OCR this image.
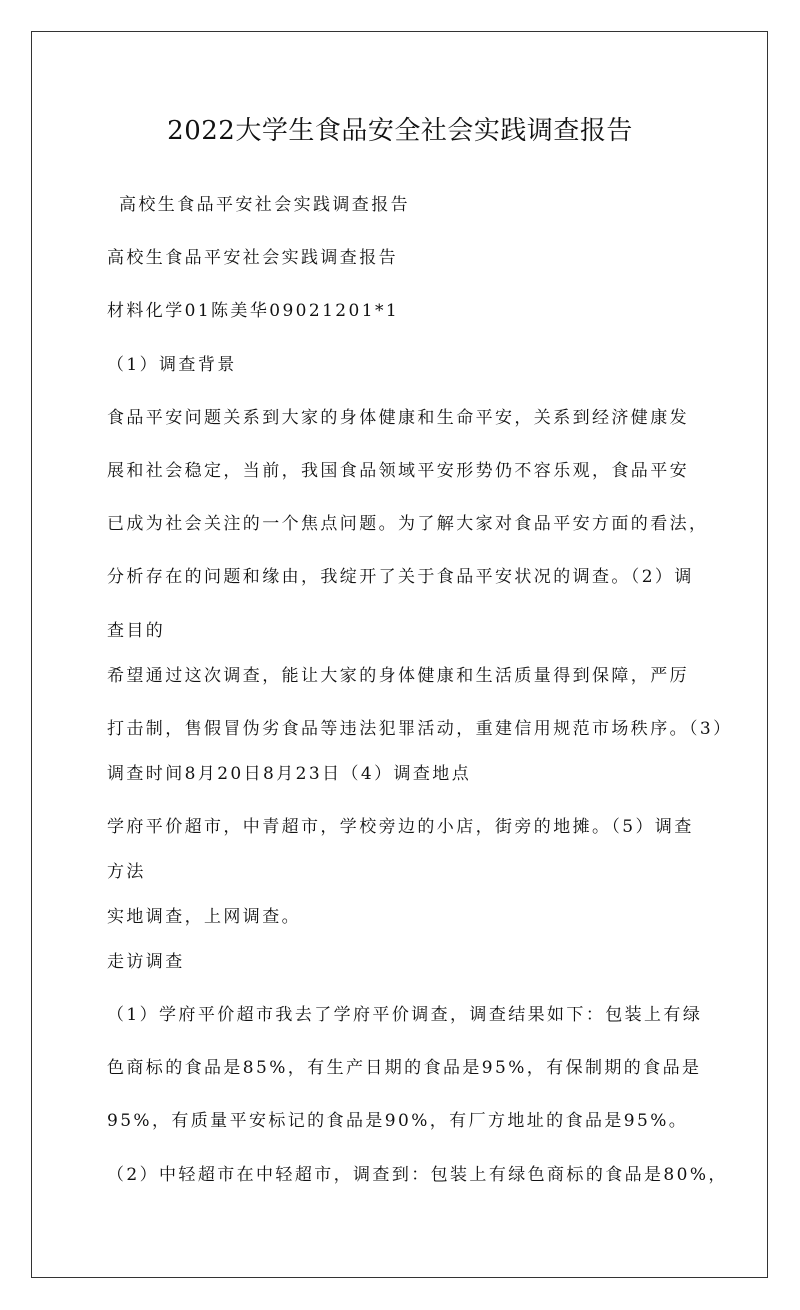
2022大学生食品安全社会实践调查报告

高校生食品平安社会实践调查报告

高校生食品平安社会实践调查报告

材料化学01陈美华09021201*1

（1）调查背景

食品平安问题关系到大家的身体健康和生命平安，关系到经济健康发

展和社会稳定，当前，我国食品领域平安形势仍不容乐观，食品平安

已成为社会关注的一个焦点问题。为了解大家对食品平安方面的看法，

分析存在的问题和缘由，我绽开了关于食品平安状况的调查。（2）调

查目的

希望通过这次调查，能让大家的身体健康和生活质量得到保障，严厉

打击制，售假冒伪劣食品等违法犯罪活动，重建信用规范市场秩序。（3）

调查时间8月20日8月23日（4）调查地点

学府平价超市，中青超市，学校旁边的小店，街旁的地摊。（5）调查

方法

实地调查，上网调查。

走访调查

（1）学府平价超市我去了学府平价调查，调查结果如下：包装上有绿

色商标的食品是85%，有生产日期的食品是95%，有保制期的食品是

95%，有质量平安标记的食品是90%，有厂方地址的食品是95%。

（2）中轻超市在中轻超市，调查到：包装上有绿色商标的食品是80%，
